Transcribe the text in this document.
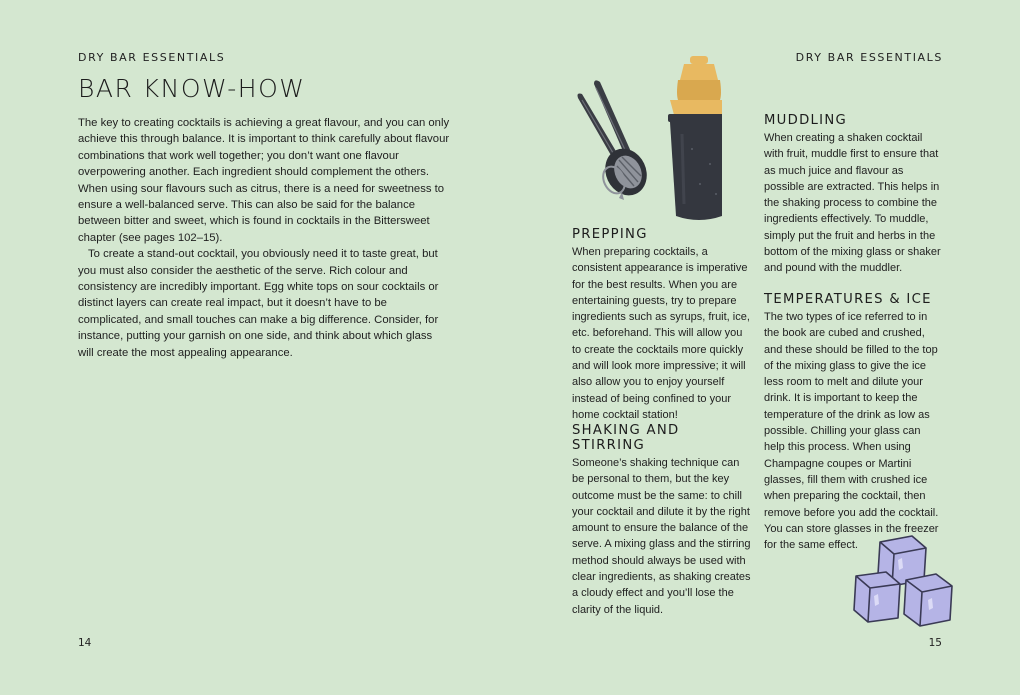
DRY BAR ESSENTIALS	DRY BAR ESSENTIALS
BAR KNOW-HOW

The key to creating cocktails is achieving a great flavour, and you can only achieve this through balance. It is important to think carefully about flavour combinations that work well together; you don’t want one flavour overpowering another. Each ingredient should complement the others. When using sour flavours such as citrus, there is a need for sweetness to ensure a well-balanced serve. This can also be said for the balance between bitter and sweet, which is found in cocktails in the Bittersweet chapter (see pages 102–15).

To create a stand-out cocktail, you obviously need it to taste great, but you must also consider the aesthetic of the serve. Rich colour and consistency are incredibly important. Egg white tops on sour cocktails or distinct layers can create real impact, but it doesn’t have to be complicated, and small touches can make a big difference. Consider, for instance, putting your garnish on one side, and think about which glass will create the most appealing appearance.

PREPPING

When preparing cocktails, a consistent appearance is imperative for the best results. When you are entertaining guests, try to prepare ingredients such as syrups, fruit, ice, etc. beforehand. This will allow you to create the cocktails more quickly and will look more impressive; it will also allow you to enjoy yourself instead of being confined to your home cocktail station!

SHAKING AND STIRRING

Someone’s shaking technique can be personal to them, but the key outcome must be the same: to chill your cocktail and dilute it by the right amount to ensure the balance of the serve. A mixing glass and the stirring method should always be used with clear ingredients, as shaking creates a cloudy effect and you’ll lose the clarity of the liquid.

MUDDLING

When creating a shaken cocktail with fruit, muddle first to ensure that as much juice and flavour as possible are extracted. This helps in the shaking process to combine the ingredients effectively. To muddle, simply put the fruit and herbs in the bottom of the mixing glass or shaker and pound with the muddler.

TEMPERATURES & ICE

The two types of ice referred to in the book are cubed and crushed, and these should be filled to the top of the mixing glass to give the ice less room to melt and dilute your drink. It is important to keep the temperature of the drink as low as possible. Chilling your glass can help this process. When using Champagne coupes or Martini glasses, fill them with crushed ice when preparing the cocktail, then remove before you add the cocktail. You can store glasses in the freezer for the same effect.

14	15
